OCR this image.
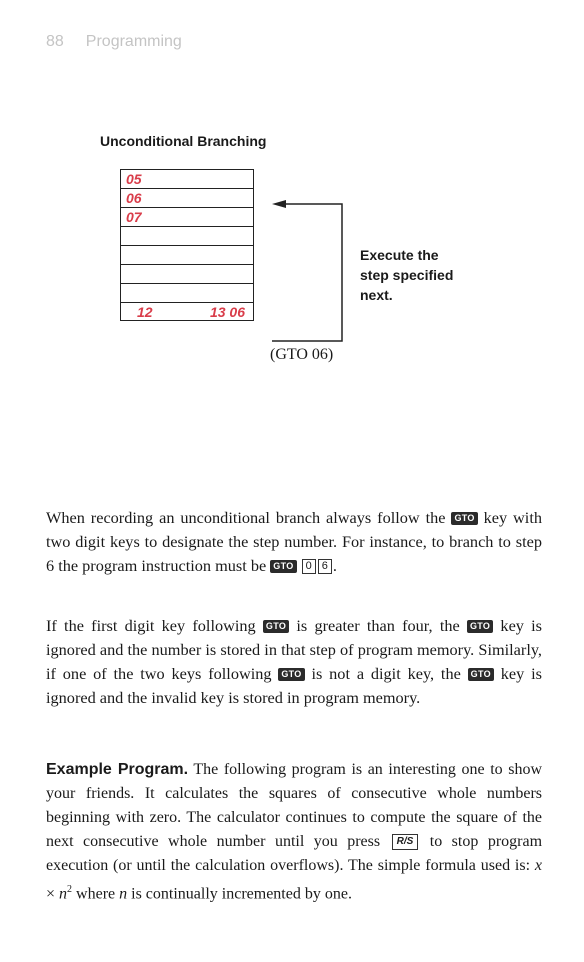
88 Programming
Unconditional Branching
05
06
07
12	13 06
Execute the
step specified
next.
(GTO 06)
When recording an unconditional branch always follow the GTO key with two digit keys to designate the step number. For instance, to branch to step 6 the program instruction must be GTO 0 6 .
If the first digit key following GTO is greater than four, the GTO key is ignored and the number is stored in that step of program memory. Similarly, if one of the two keys following GTO is not a digit key, the GTO key is ignored and the invalid key is stored in program memory.
Example Program. The following program is an interesting one to show your friends. It calculates the squares of consecutive whole numbers beginning with zero. The calculator continues to compute the square of the next consecutive whole number until you press R/S to stop program execution (or until the calculation overflows). The simple formula used is: $x \times n^2$ where n is continually incremented by one.
